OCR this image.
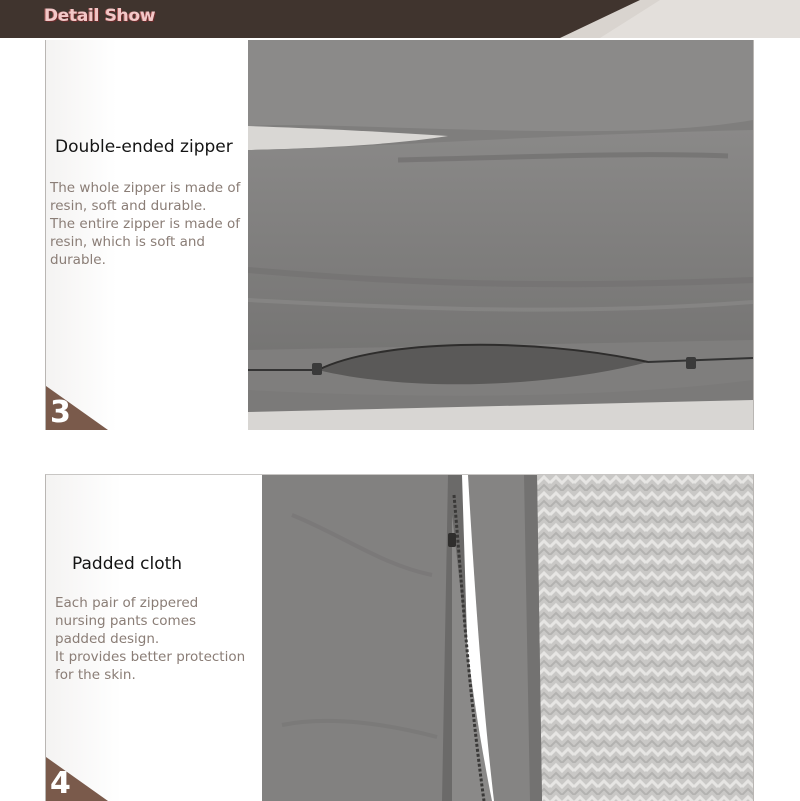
Detail Show
Double-ended zipper
The whole zipper is made of
resin, soft and durable.
The entire zipper is made of
resin, which is soft and
durable.
3
Padded cloth
Each pair of zippered
nursing pants comes
padded design.
It provides better protection
for the skin.
4
